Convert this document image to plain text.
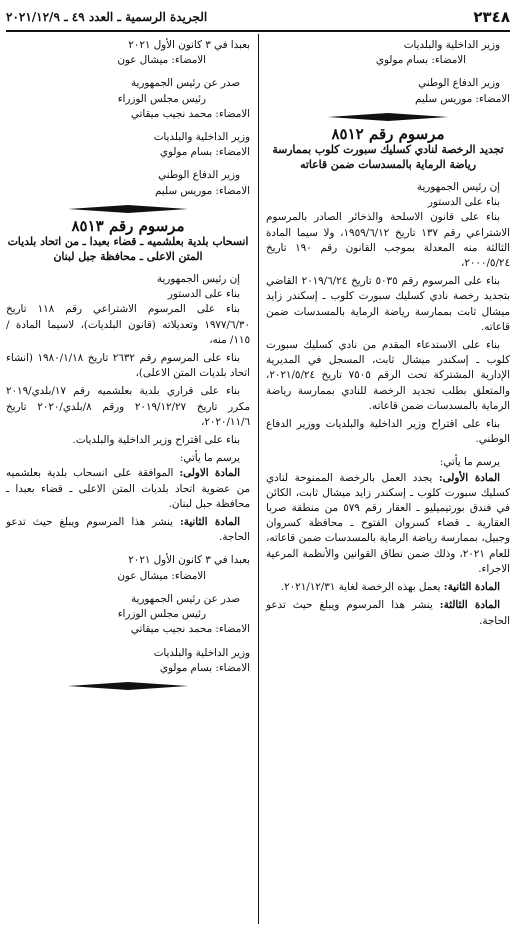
٢٣٤٨
الجريدة الرسمية ـ العدد ٤٩ ـ ٢٠٢١/١٢/٩

وزير الداخلية والبلديات

الامضاء: بسام مولوي

وزير الدفاع الوطني

الامضاء: موريس سليم

مرسوم رقم ٨٥١٢

تجديد الرخصة لنادي كسليك سبورت كلوب بممارسة رياضة الرماية بالمسدسات ضمن قاعاته

إن رئيس الجمهورية

بناء على الدستور

بناء على قانون الاسلحة والذخائر الصادر بالمرسوم الاشتراعي رقم ١٣٧ تاريخ ١٩٥٩/٦/١٢، ولا سيما المادة الثالثة منه المعدلة بموجب القانون رقم ١٩٠ تاريخ ٢٠٠٠/٥/٢٤،

بناء على المرسوم رقم ٥٠٣٥ تاريخ ٢٠١٩/٦/٢٤ القاضي بتجديد رخصة نادي كسليك سبورت كلوب ـ إسكندر زايد ميشال ثابت بممارسة رياضة الرماية بالمسدسات ضمن قاعاته.

بناء على الاستدعاء المقدم من نادي كسليك سبورت كلوب ـ إسكندر ميشال ثابت، المسجل في المديرية الإدارية المشتركة تحت الرقم ٧٥٠٥ تاريخ ٢٠٢١/٥/٢٤، والمتعلق بطلب تجديد الرخصة للنادي بممارسة رياضة الرماية بالمسدسات ضمن قاعاته.

بناء على اقتراح وزير الداخلية والبلديات ووزير الدفاع الوطني.

يرسم ما يأتي:

المادة الأولى: يجدد العمل بالرخصة الممنوحة لنادي كسليك سبورت كلوب ـ إسكندر زايد ميشال ثابت، الكائن في فندق بورتيميليو ـ العقار رقم ٥٧٩ من منطقة صربا العقارية ـ قضاء كسروان الفتوح ـ محافظة كسروان وجبيل، بممارسة رياضة الرماية بالمسدسات ضمن قاعاته، للعام ٢٠٢١، وذلك ضمن نطاق القوانين والأنظمة المرعية الاجراء.

المادة الثانية: يعمل بهذه الرخصة لغاية ٢٠٢١/١٢/٣١.

المادة الثالثة: ينشر هذا المرسوم ويبلغ حيث تدعو الحاجة.

بعبدا في ٣ كانون الأول ٢٠٢١

الامضاء: ميشال عون

صدر عن رئيس الجمهورية

رئيس مجلس الوزراء

الامضاء: محمد نجيب ميقاتي

وزير الداخلية والبلديات

الامضاء: بسام مولوي

وزير الدفاع الوطني

الامضاء: موريس سليم

مرسوم رقم ٨٥١٣

انسحاب بلدية بعلشميه ـ قضاء بعبدا ـ من اتحاد بلديات المتن الاعلى ـ محافظة جبل لبنان

إن رئيس الجمهورية

بناء على الدستور

بناء على المرسوم الاشتراعي رقم ١١٨ تاريخ ١٩٧٧/٦/٣٠ وتعديلاته (قانون البلديات)، لاسيما المادة /١١٥/ منه،

بناء على المرسوم رقم ٢٦٣٢ تاريخ ١٩٨٠/١/١٨ (انشاء اتحاد بلديات المتن الاعلى)،

بناء على قراري بلدية بعلشميه رقم ١٧/بلدي/٢٠١٩ مكرر تاريخ ٢٠١٩/١٢/٢٧ ورقم ٨/بلدي/٢٠٢٠ تاريخ ٢٠٢٠/١١/٦،

بناء على اقتراح وزير الداخلية والبلديات.

يرسم ما يأتي:

المادة الاولى: الموافقة على انسحاب بلدية بعلشميه من عضوية اتحاد بلديات المتن الاعلى ـ قضاء بعبدا ـ محافظة جبل لبنان.

المادة الثانية: ينشر هذا المرسوم ويبلغ حيث تدعو الحاجة.

بعبدا في ٣ كانون الأول ٢٠٢١

الامضاء: ميشال عون

صدر عن رئيس الجمهورية

رئيس مجلس الوزراء

الامضاء: محمد نجيب ميقاتي

وزير الداخلية والبلديات

الامضاء: بسام مولوي
